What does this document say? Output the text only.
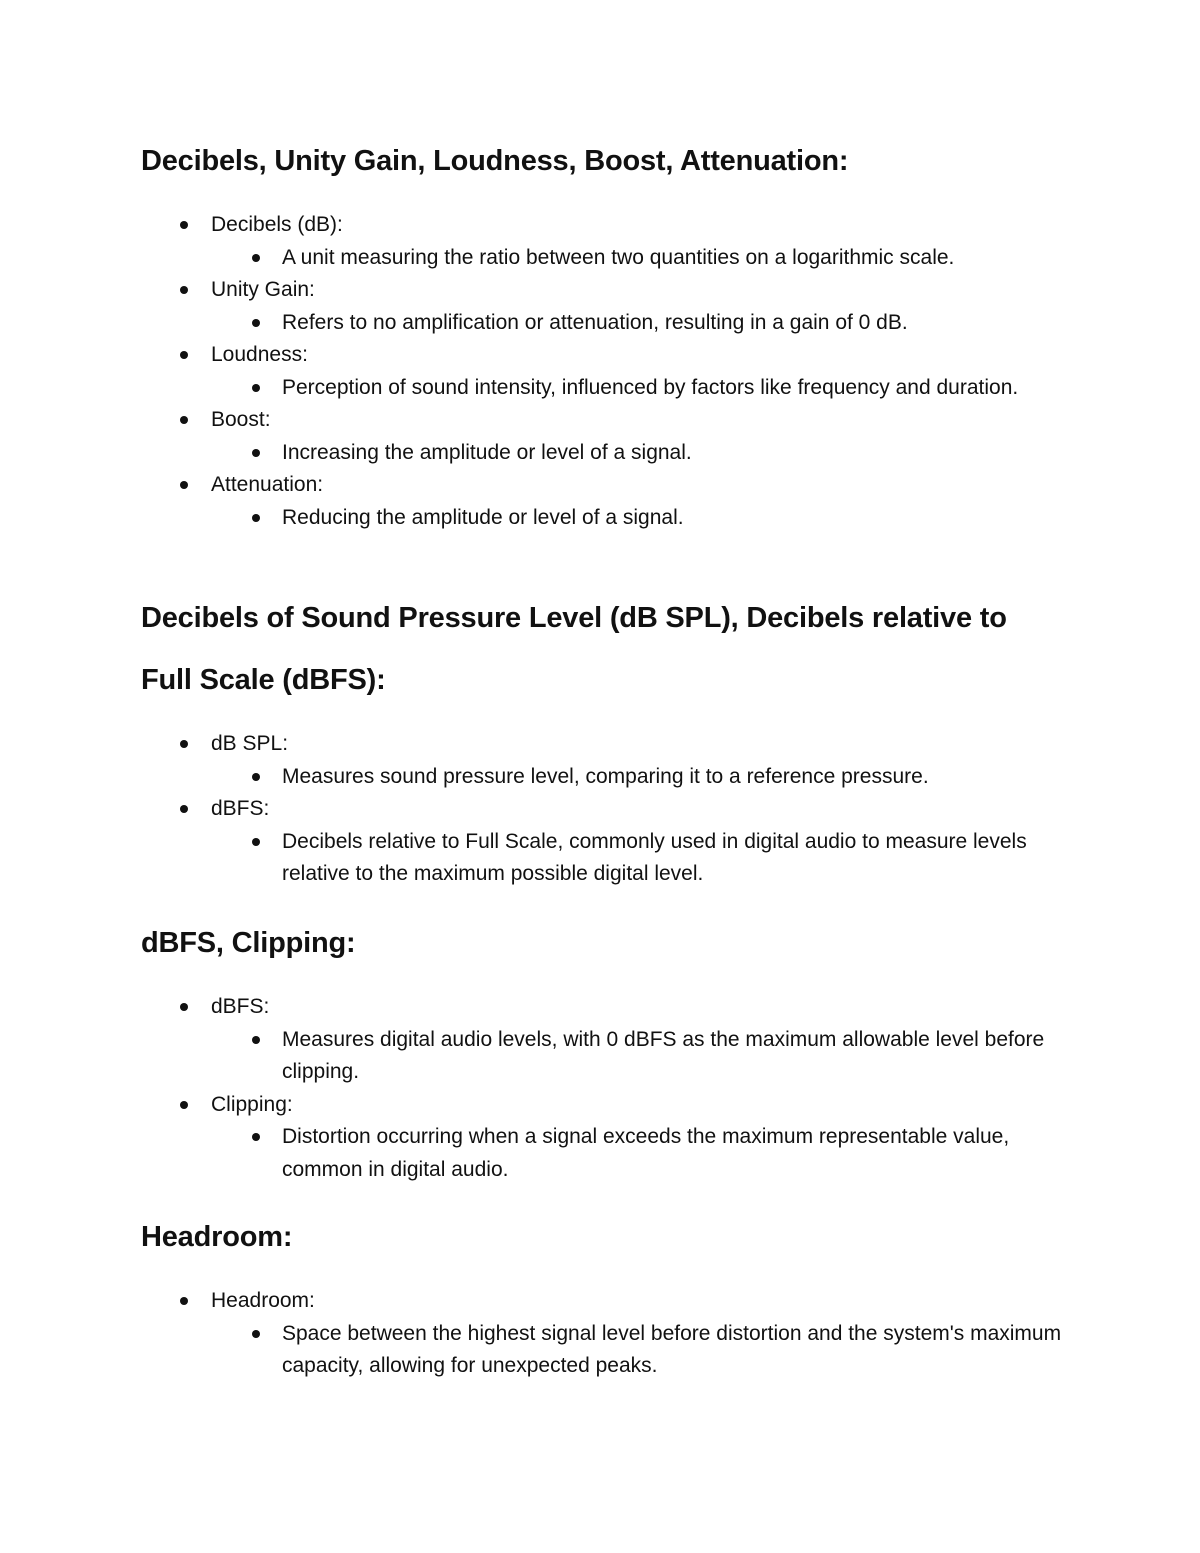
Decibels, Unity Gain, Loudness, Boost, Attenuation:
Decibels (dB):
A unit measuring the ratio between two quantities on a logarithmic scale.
Unity Gain:
Refers to no amplification or attenuation, resulting in a gain of 0 dB.
Loudness:
Perception of sound intensity, influenced by factors like frequency and duration.
Boost:
Increasing the amplitude or level of a signal.
Attenuation:
Reducing the amplitude or level of a signal.
Decibels of Sound Pressure Level (dB SPL), Decibels relative to
Full Scale (dBFS):
dB SPL:
Measures sound pressure level, comparing it to a reference pressure.
dBFS:
Decibels relative to Full Scale, commonly used in digital audio to measure levels relative to the maximum possible digital level.
dBFS, Clipping:
dBFS:
Measures digital audio levels, with 0 dBFS as the maximum allowable level before clipping.
Clipping:
Distortion occurring when a signal exceeds the maximum representable value, common in digital audio.
Headroom:
Headroom:
Space between the highest signal level before distortion and the system's maximum capacity, allowing for unexpected peaks.
